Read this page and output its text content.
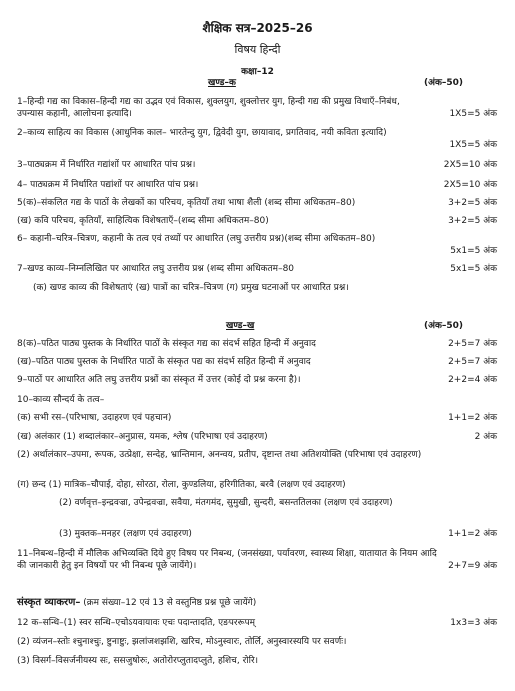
शैक्षिक सत्र–2025–26
विषय हिन्दी
कक्षा–12
खण्ड–क	(अंक–50)
1–हिन्दी गद्य का विकास–हिन्दी गद्य का उद्भव एवं विकास, शुक्लयुग, शुक्लोत्तर युग, हिन्दी गद्य की प्रमुख विधाएँ–निबंध, उपन्यास कहानी, आलोचना इत्यादि।	1X5=5 अंक
2–काव्य साहित्य का विकास (आधुनिक काल– भारतेन्दु युग, द्विवेदी युग, छायावाद, प्रगतिवाद, नयी कविता इत्यादि)
1X5=5 अंक
3–पाठ्यक्रम में निर्धारित गद्यांशों पर आधारित पांच प्रश्न।	2X5=10 अंक
4– पाठ्यक्रम में निर्धारित पद्यांशों पर आधारित पांच प्रश्न।	2X5=10 अंक
5(क)–संकलित गद्य के पाठों के लेखकों का परिचय, कृतियाँ तथा भाषा शैली (शब्द सीमा अधिकतम–80)	3+2=5 अंक
(ख) कवि परिचय, कृतियाँ, साहित्यिक विशेषताएँ–(शब्द सीमा अधिकतम–80)	3+2=5 अंक
6– कहानी–चरित्र–चित्रण, कहानी के तत्व एवं तथ्यों पर आधारित (लघु उत्तरीय प्रश्न)(शब्द सीमा अधिकतम–80)
5x1=5 अंक
7–खण्ड काव्य–निम्नलिखित पर आधारित लघु उत्तरीय प्रश्न (शब्द सीमा अधिकतम–80	5x1=5 अंक
(क) खण्ड काव्य की विशेषताएं (ख) पात्रों का चरित्र–चित्रण (ग) प्रमुख घटनाओं पर आधारित प्रश्न।
खण्ड–ख	(अंक–50)
8(क)–पठित पाठ्य पुस्तक के निर्धारित पाठों के संस्कृत गद्य का संदर्भ सहित हिन्दी में अनुवाद	2+5=7 अंक
(ख)–पठित पाठ्य पुस्तक के निर्धारित पाठों के संस्कृत पद्य का संदर्भ सहित हिन्दी में अनुवाद	2+5=7 अंक
9–पाठों पर आधारित अति लघु उत्तरीय प्रश्नों का संस्कृत में उत्तर (कोई दो प्रश्न करना है)।	2+2=4 अंक
10–काव्य सौन्दर्य के तत्व–
(क) सभी रस–(परिभाषा, उदाहरण एवं पहचान)	1+1=2 अंक
(ख) अलंकार (1) शब्दालंकार–अनुप्रास, यमक, श्लेष (परिभाषा एवं उदाहरण)	2 अंक
(2) अर्थालंकार–उपमा, रूपक, उत्प्रेक्षा, सन्देह, भ्रान्तिमान, अनन्वय, प्रतीप, दृष्टान्त तथा अतिशयोक्ति (परिभाषा एवं उदाहरण)
(ग) छन्द (1) मात्रिक–चौपाई, दोहा, सोरठा, रोला, कुण्डलिया, हरिगीतिका, बरवै (लक्षण एवं उदाहरण)
(2) वर्णवृत्त–इन्द्रवज्रा, उपेन्द्रवज्रा, सवैया, मंतगमंद, सुमुखी, सुन्दरी, बसन्ततिलका (लक्षण एवं उदाहरण)
(3) मुक्तक–मनहर (लक्षण एवं उदाहरण)	1+1=2 अंक
11–निबन्ध–हिन्दी में मौलिक अभिव्यक्ति दिये हुए विषय पर निबन्ध, (जनसंख्या, पर्यावरण, स्वास्थ्य शिक्षा, यातायात के नियम आदि की जानकारी हेतु इन विषयों पर भी निबन्ध पूछे जायेंगे)।	2+7=9 अंक
संस्कृत व्याकरण– (क्रम संख्या–12 एवं 13 से वस्तुनिष्ठ प्रश्न पूछे जायेंगे)
12 क–सन्धि–(1) स्वर सन्धि–एचोऽयवायावः एचः पदान्तादति, एङपररूपम्	1x3=3 अंक
(2) व्यंजन–स्तोः श्चुनाश्चुः, ष्टुनाष्टुः, झलांजशझशि, खरिच, मोऽनुस्वारः, तोर्लि, अनुस्वारस्ययि पर सवर्णः।
(3) विसर्ग–विसर्जनीयस्य सः, ससजुषोरुः, अतोरोरप्लुतादप्लुते, हशिच, रोरि।
